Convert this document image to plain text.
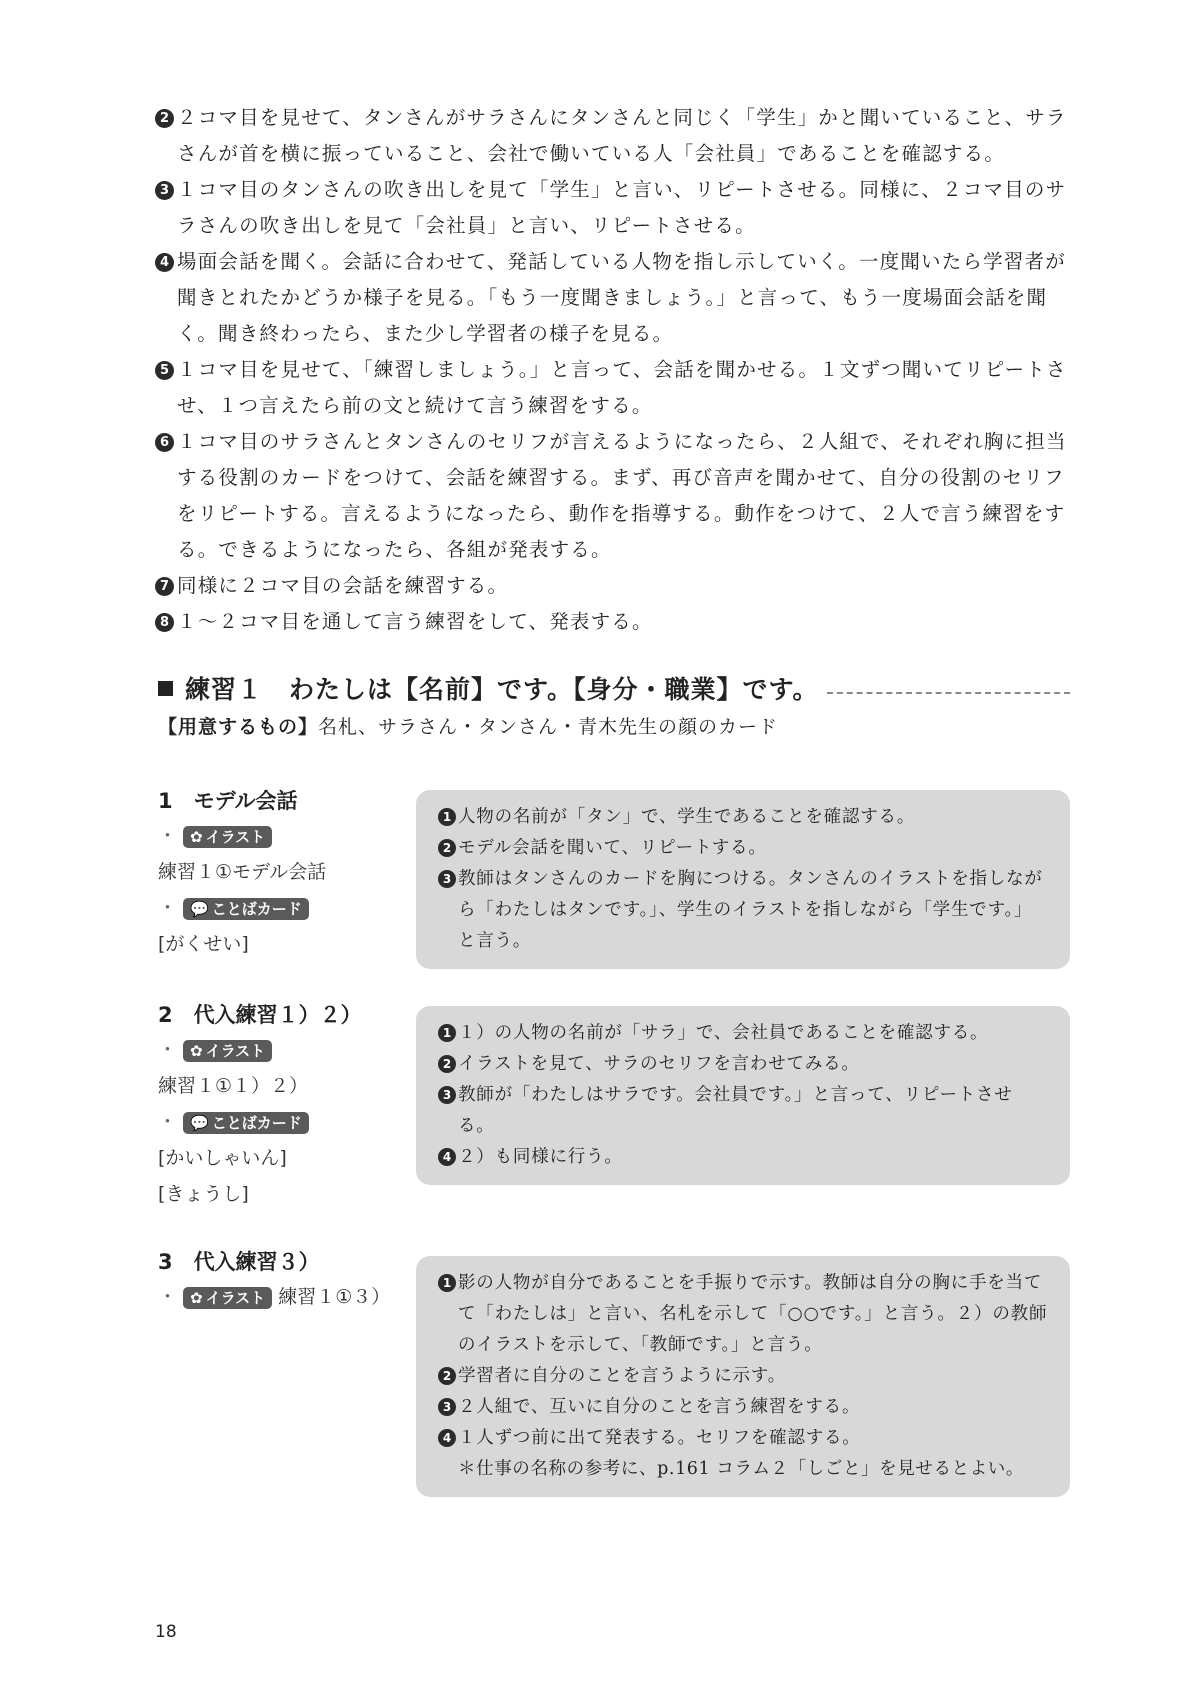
2 ２コマ目を見せて、タンさんがサラさんにタンさんと同じく「学生」かと聞いていること、サラさんが首を横に振っていること、会社で働いている人「会社員」であることを確認する。
3 １コマ目のタンさんの吹き出しを見て「学生」と言い、リピートさせる。同様に、２コマ目のサラさんの吹き出しを見て「会社員」と言い、リピートさせる。
4 場面会話を聞く。会話に合わせて、発話している人物を指し示していく。一度聞いたら学習者が聞きとれたかどうか様子を見る。「もう一度聞きましょう。」と言って、もう一度場面会話を聞く。聞き終わったら、また少し学習者の様子を見る。
5 １コマ目を見せて、「練習しましょう。」と言って、会話を聞かせる。１文ずつ聞いてリピートさせ、１つ言えたら前の文と続けて言う練習をする。
6 １コマ目のサラさんとタンさんのセリフが言えるようになったら、２人組で、それぞれ胸に担当する役割のカードをつけて、会話を練習する。まず、再び音声を聞かせて、自分の役割のセリフをリピートする。言えるようになったら、動作を指導する。動作をつけて、２人で言う練習をする。できるようになったら、各組が発表する。
7 同様に２コマ目の会話を練習する。
8 １～２コマ目を通して言う練習をして、発表する。
練習１　わたしは【名前】です。【身分・職業】です。
【用意するもの】名札、サラさん・タンさん・青木先生の顔のカード
1　モデル会話
・ ✿ イラスト
練習１①モデル会話
・ 💬 ことばカード
[がくせい]
1 人物の名前が「タン」で、学生であることを確認する。
2 モデル会話を聞いて、リピートする。
3 教師はタンさんのカードを胸につける。タンさんのイラストを指しながら「わたしはタンです。」、学生のイラストを指しながら「学生です。」と言う。
2　代入練習１）２）
・ ✿ イラスト
練習１①１）２）
・ 💬 ことばカード
[かいしゃいん]
[きょうし]
1 １）の人物の名前が「サラ」で、会社員であることを確認する。
2 イラストを見て、サラのセリフを言わせてみる。
3 教師が「わたしはサラです。会社員です。」と言って、リピートさせる。
4 ２）も同様に行う。
3　代入練習３）
・ ✿ イラスト 練習１①３）
1 影の人物が自分であることを手振りで示す。教師は自分の胸に手を当てて「わたしは」と言い、名札を示して「○○です。」と言う。２）の教師のイラストを示して、「教師です。」と言う。
2 学習者に自分のことを言うように示す。
3 ２人組で、互いに自分のことを言う練習をする。
4 １人ずつ前に出て発表する。セリフを確認する。
＊仕事の名称の参考に、p.161 コラム２「しごと」を見せるとよい。
18
